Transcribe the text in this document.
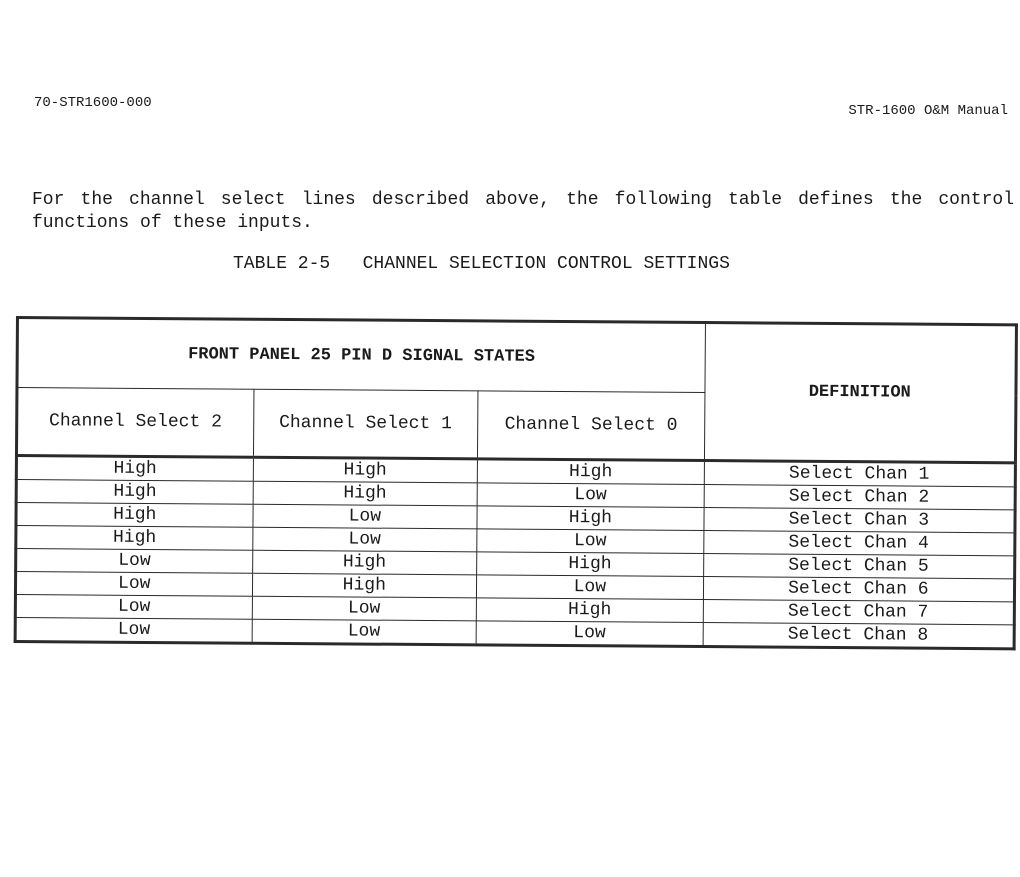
70-STR1600-000	STR-1600 O&M Manual

For the channel select lines described above, the following table defines the control functions of these inputs.

TABLE 2-5   CHANNEL SELECTION CONTROL SETTINGS
FRONT PANEL 25 PIN D SIGNAL STATES			DEFINITION
Channel Select 2	Channel Select 1	Channel Select 0	
High	High	High	Select Chan 1
High	High	Low	Select Chan 2
High	Low	High	Select Chan 3
High	Low	Low	Select Chan 4
Low	High	High	Select Chan 5
Low	High	Low	Select Chan 6
Low	Low	High	Select Chan 7
Low	Low	Low	Select Chan 8
